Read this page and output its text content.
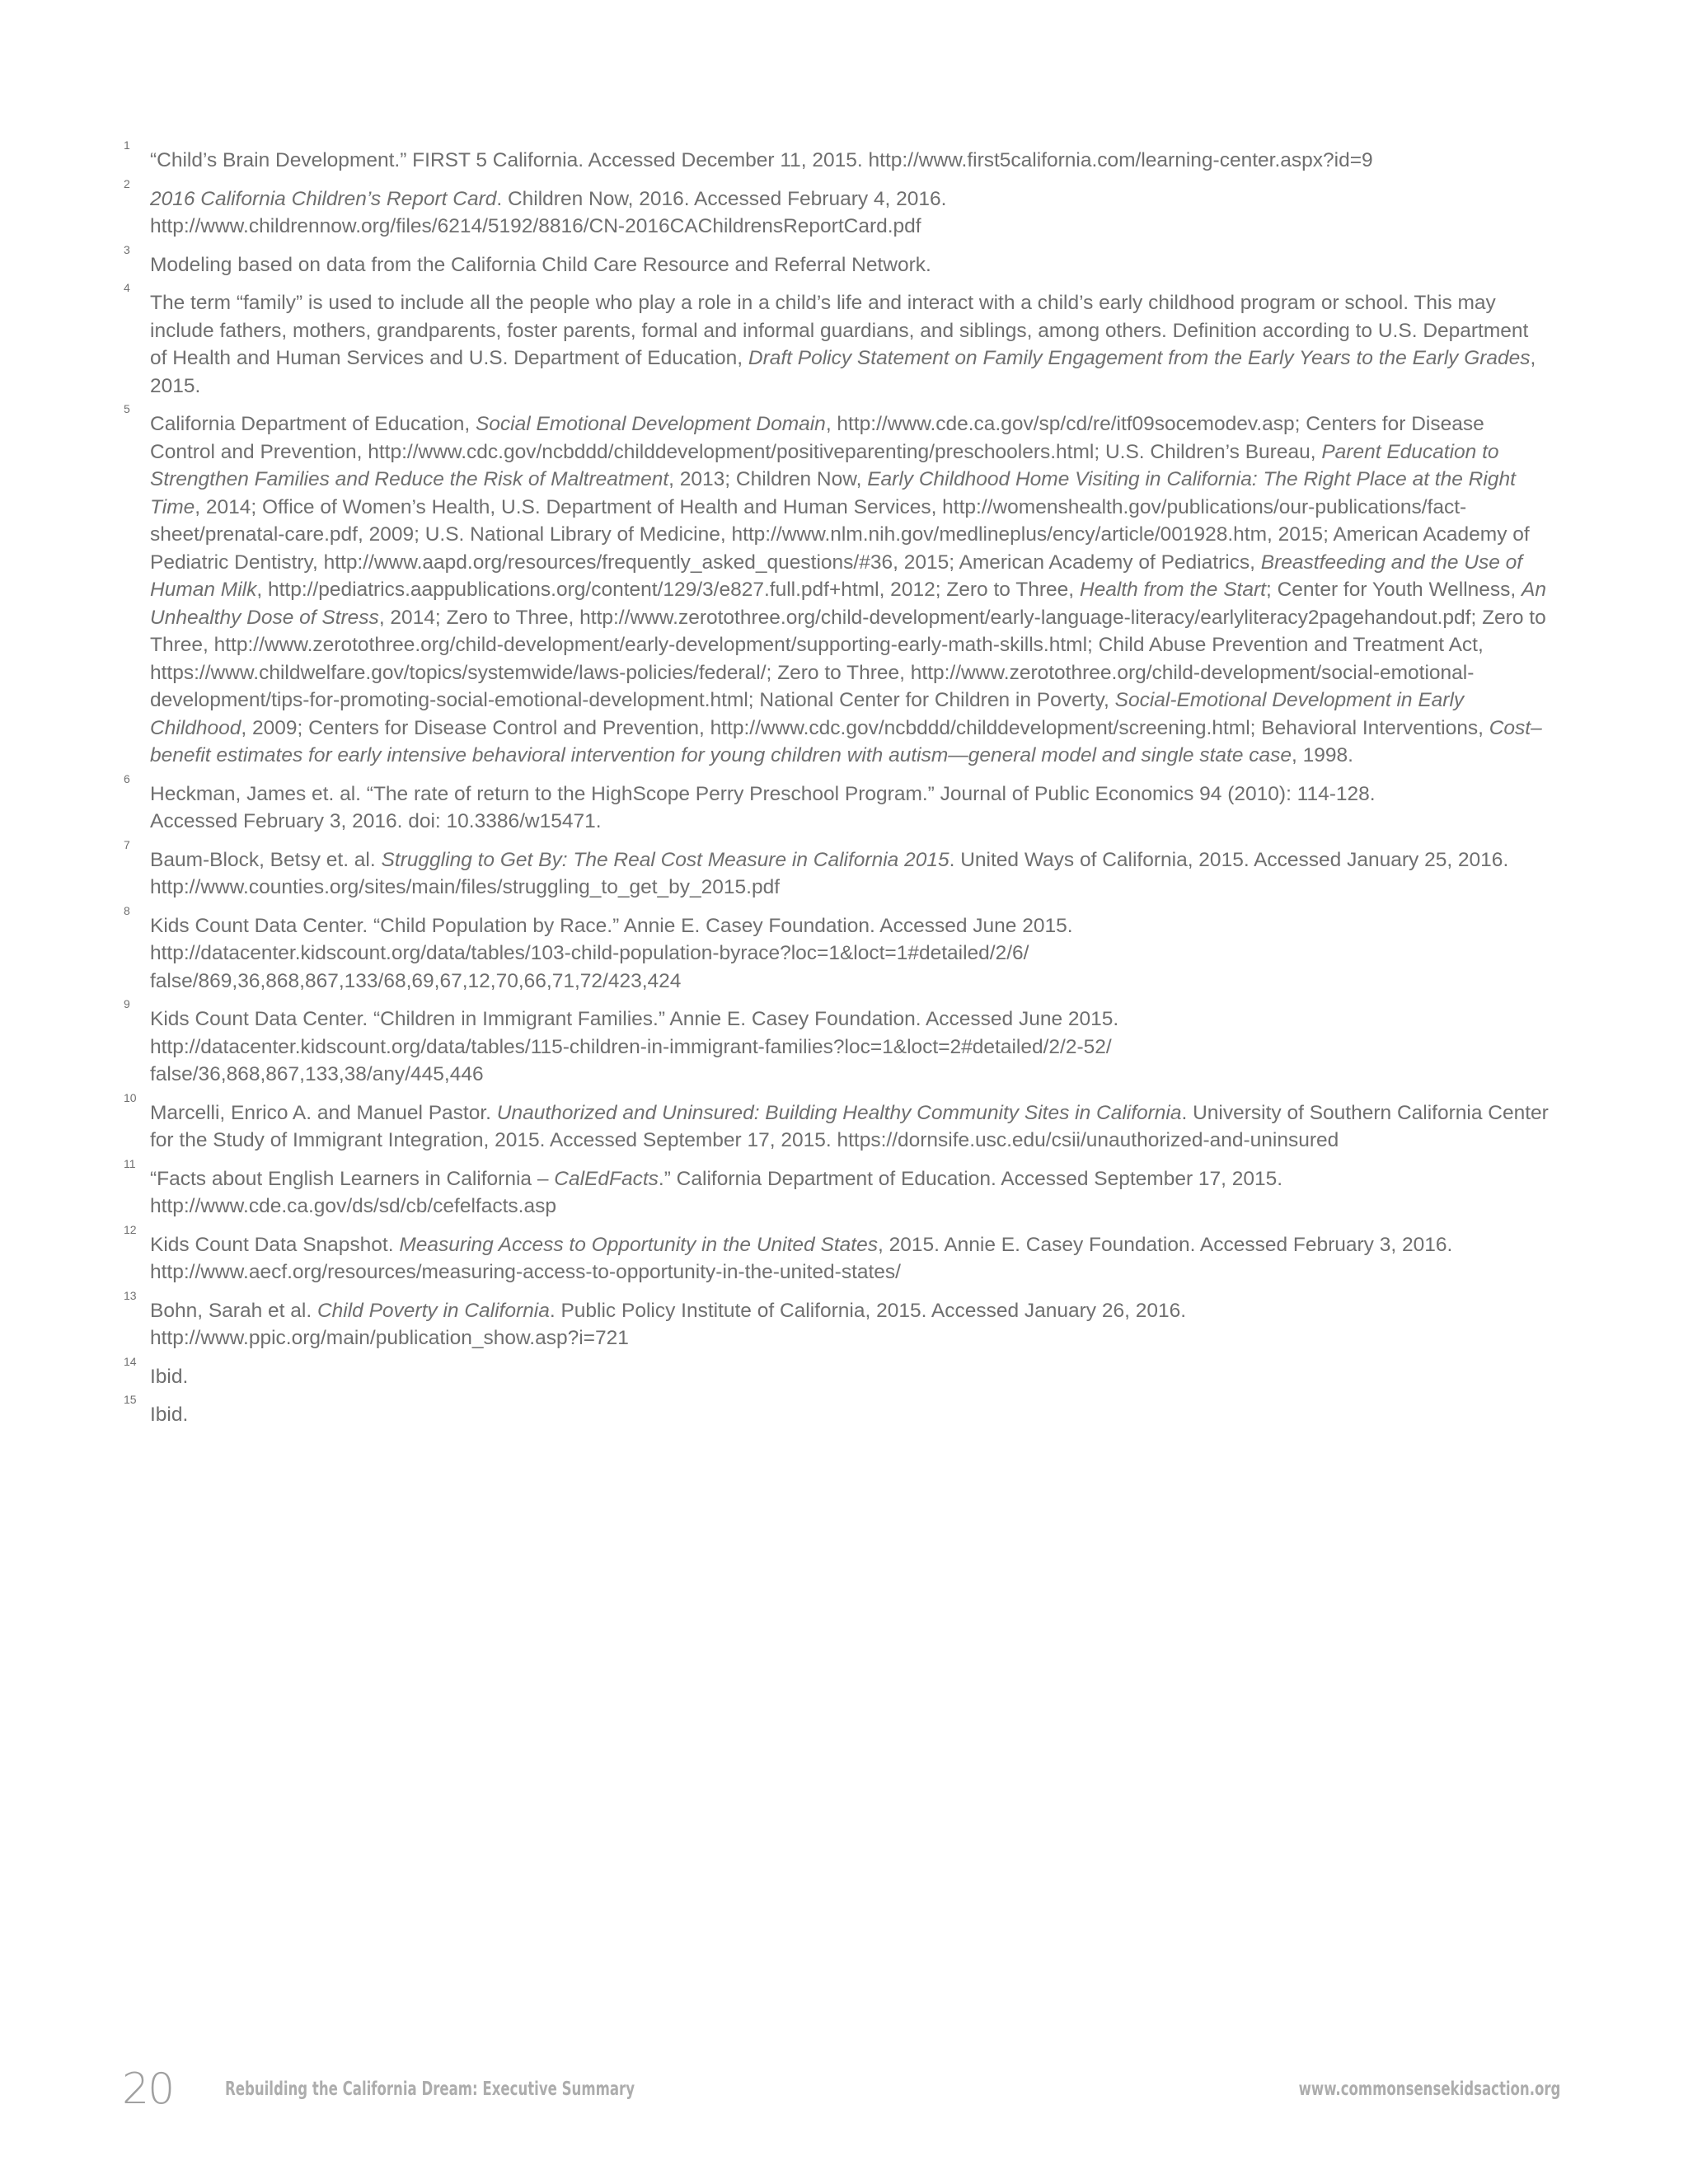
1
“Child’s Brain Development.” FIRST 5 California. Accessed December 11, 2015. http://www.first5california.com/learning-center.aspx?id=9
2
2016 California Children’s Report Card. Children Now, 2016. Accessed February 4, 2016.
http://www.childrennow.org/files/6214/5192/8816/CN-2016CAChildrensReportCard.pdf
3
Modeling based on data from the California Child Care Resource and Referral Network.
4
The term “family” is used to include all the people who play a role in a child’s life and interact with a child’s early childhood program or school. This may include fathers, mothers, grandparents, foster parents, formal and informal guardians, and siblings, among others. Definition according to U.S. Department of Health and Human Services and U.S. Department of Education, Draft Policy Statement on Family Engagement from the Early Years to the Early Grades, 2015.
5
California Department of Education, Social Emotional Development Domain, http://www.cde.ca.gov/sp/cd/re/itf09socemodev.asp; Centers for Disease Control and Prevention, http://www.cdc.gov/ncbddd/childdevelopment/positiveparenting/preschoolers.html; U.S. Children’s Bureau, Parent Education to Strengthen Families and Reduce the Risk of Maltreatment, 2013; Children Now, Early Childhood Home Visiting in California: The Right Place at the Right Time, 2014; Office of Women’s Health, U.S. Department of Health and Human Services, http://womenshealth.gov/publications/our-publications/fact-sheet/prenatal-care.pdf, 2009; U.S. National Library of Medicine, http://www.nlm.nih.gov/medlineplus/ency/article/001928.htm, 2015; American Academy of Pediatric Dentistry, http://www.aapd.org/resources/frequently_asked_questions/#36, 2015; American Academy of Pediatrics, Breastfeeding and the Use of Human Milk, http://pediatrics.aappublications.org/content/129/3/e827.full.pdf+html, 2012; Zero to Three, Health from the Start; Center for Youth Wellness, An Unhealthy Dose of Stress, 2014; Zero to Three, http://www.zerotothree.org/child-development/early-language-literacy/earlyliteracy2pagehandout.pdf; Zero to Three, http://www.zerotothree.org/child-development/early-development/supporting-early-math-skills.html; Child Abuse Prevention and Treatment Act, https://www.childwelfare.gov/topics/systemwide/laws-policies/federal/; Zero to Three, http://www.zerotothree.org/child-development/social-emotional-development/tips-for-promoting-social-emotional-development.html; National Center for Children in Poverty, Social-Emotional Development in Early Childhood, 2009; Centers for Disease Control and Prevention, http://www.cdc.gov/ncbddd/childdevelopment/screening.html; Behavioral Interventions, Cost–benefit estimates for early intensive behavioral intervention for young children with autism—general model and single state case, 1998.
6
Heckman, James et. al. “The rate of return to the HighScope Perry Preschool Program.” Journal of Public Economics 94 (2010): 114-128.
Accessed February 3, 2016. doi: 10.3386/w15471.
7
Baum-Block, Betsy et. al. Struggling to Get By: The Real Cost Measure in California 2015. United Ways of California, 2015. Accessed January 25, 2016.
http://www.counties.org/sites/main/files/struggling_to_get_by_2015.pdf
8
Kids Count Data Center. “Child Population by Race.” Annie E. Casey Foundation. Accessed June 2015.
http://datacenter.kidscount.org/data/tables/103-child-population-byrace?loc=1&loct=1#detailed/2/6/
false/869,36,868,867,133/68,69,67,12,70,66,71,72/423,424
9
Kids Count Data Center. “Children in Immigrant Families.” Annie E. Casey Foundation. Accessed June 2015.
http://datacenter.kidscount.org/data/tables/115-children-in-immigrant-families?loc=1&loct=2#detailed/2/2-52/
false/36,868,867,133,38/any/445,446
10
Marcelli, Enrico A. and Manuel Pastor. Unauthorized and Uninsured: Building Healthy Community Sites in California. University of Southern California Center for the Study of Immigrant Integration, 2015. Accessed September 17, 2015. https://dornsife.usc.edu/csii/unauthorized-and-uninsured
11
“Facts about English Learners in California – CalEdFacts.” California Department of Education. Accessed September 17, 2015.
http://www.cde.ca.gov/ds/sd/cb/cefelfacts.asp
12
Kids Count Data Snapshot. Measuring Access to Opportunity in the United States, 2015. Annie E. Casey Foundation. Accessed February 3, 2016.
http://www.aecf.org/resources/measuring-access-to-opportunity-in-the-united-states/
13
Bohn, Sarah et al. Child Poverty in California. Public Policy Institute of California, 2015. Accessed January 26, 2016.
http://www.ppic.org/main/publication_show.asp?i=721
14
Ibid.
15
Ibid.
20	Rebuilding the California Dream: Executive Summary	www.commonsensekidsaction.org
